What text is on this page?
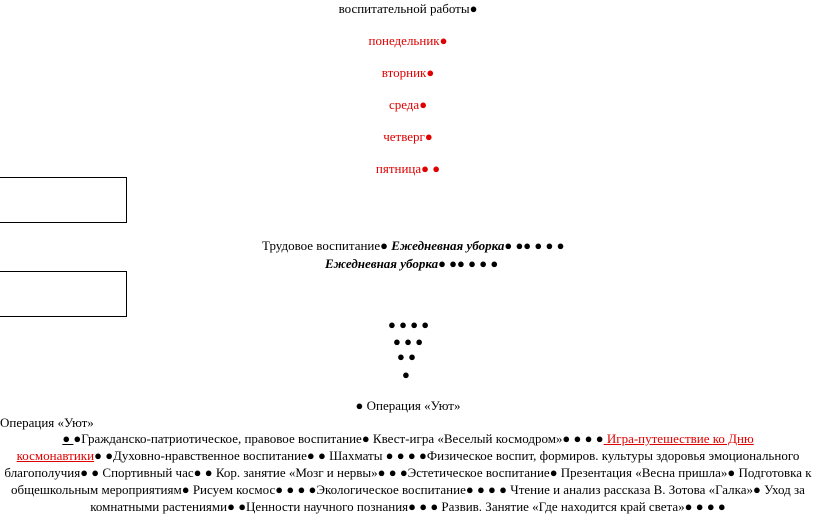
воспитательной работы●
понедельник●
вторник●
среда●
четверг●
пятница● ●
Трудовое воспитание● Ежедневная уборка● ●● ● ● ●
Ежедневная уборка● ●● ● ● ●
● ● ● ●
● ● ●
● ●
●
● Операция «Уют»
Операция «Уют»
● ●Гражданско-патриотическое, правовое воспитание● Квест-игра «Веселый космодром»● ● ● ● Игра-путешествие ко Дню
космонавтики● ●Духовно-нравственное воспитание● ● Шахматы ● ● ● ●Физическое воспит, формиров. культуры здоровья эмоционального
благополучия● ● Спортивный час● ● Кор. занятие «Мозг и нервы»● ● ●Эстетическое воспитание● Презентация «Весна пришла»● Подготовка к
общешкольным мероприятиям● Рисуем космос● ● ● ●Экологическое воспитание● ● ● ● Чтение и анализ рассказа В. Зотова «Галка»● Уход за
комнатными растениями● ●Ценности научного познания● ● ● Развив. Занятие «Где находится край света»● ● ● ●
